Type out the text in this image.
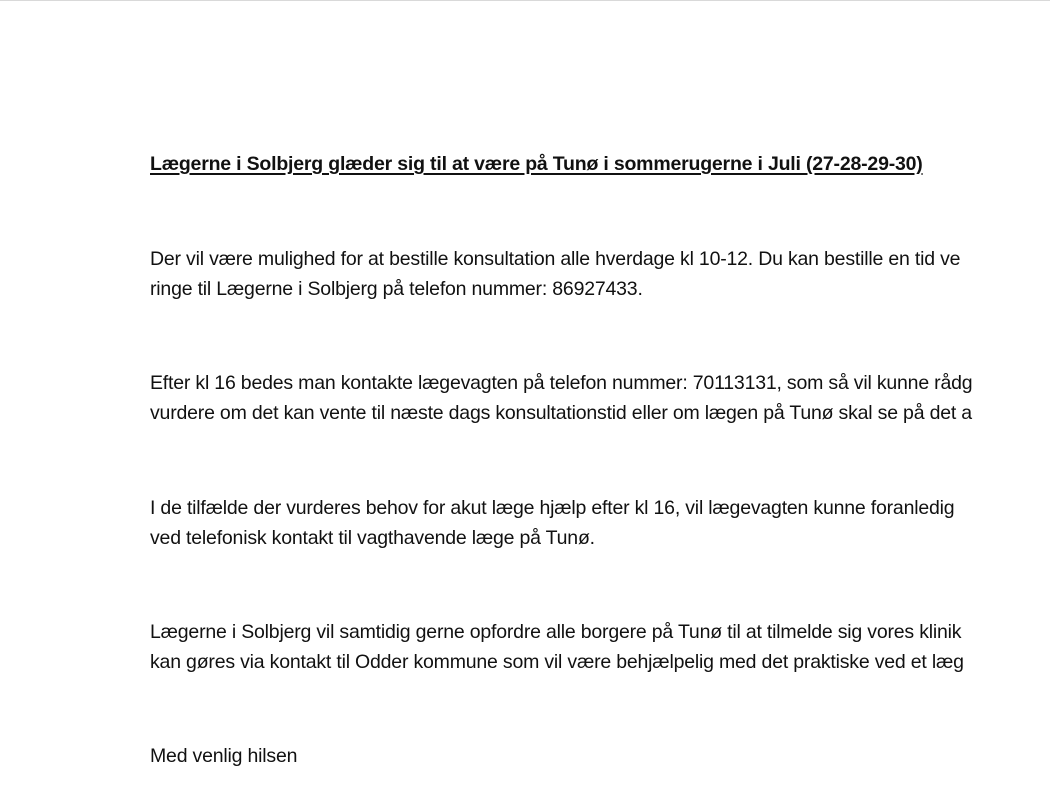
Lægerne i Solbjerg glæder sig til at være på Tunø i sommerugerne i Juli (27-28-29-30)
Der vil være mulighed for at bestille konsultation alle hverdage kl 10-12. Du kan bestille en tid ve
ringe til Lægerne i Solbjerg på telefon nummer: 86927433.
Efter kl 16 bedes man kontakte lægevagten på telefon nummer: 70113131, som så vil kunne rådg
vurdere om det kan vente til næste dags konsultationstid eller om lægen på Tunø skal se på det a
I de tilfælde der vurderes behov for akut læge hjælp efter kl 16, vil lægevagten kunne foranledig
ved telefonisk kontakt til vagthavende læge på Tunø.
Lægerne i Solbjerg vil samtidig gerne opfordre alle borgere på Tunø til at tilmelde sig vores klinik
kan gøres via kontakt til Odder kommune som vil være behjælpelig med det praktiske ved et læg
Med venlig hilsen
